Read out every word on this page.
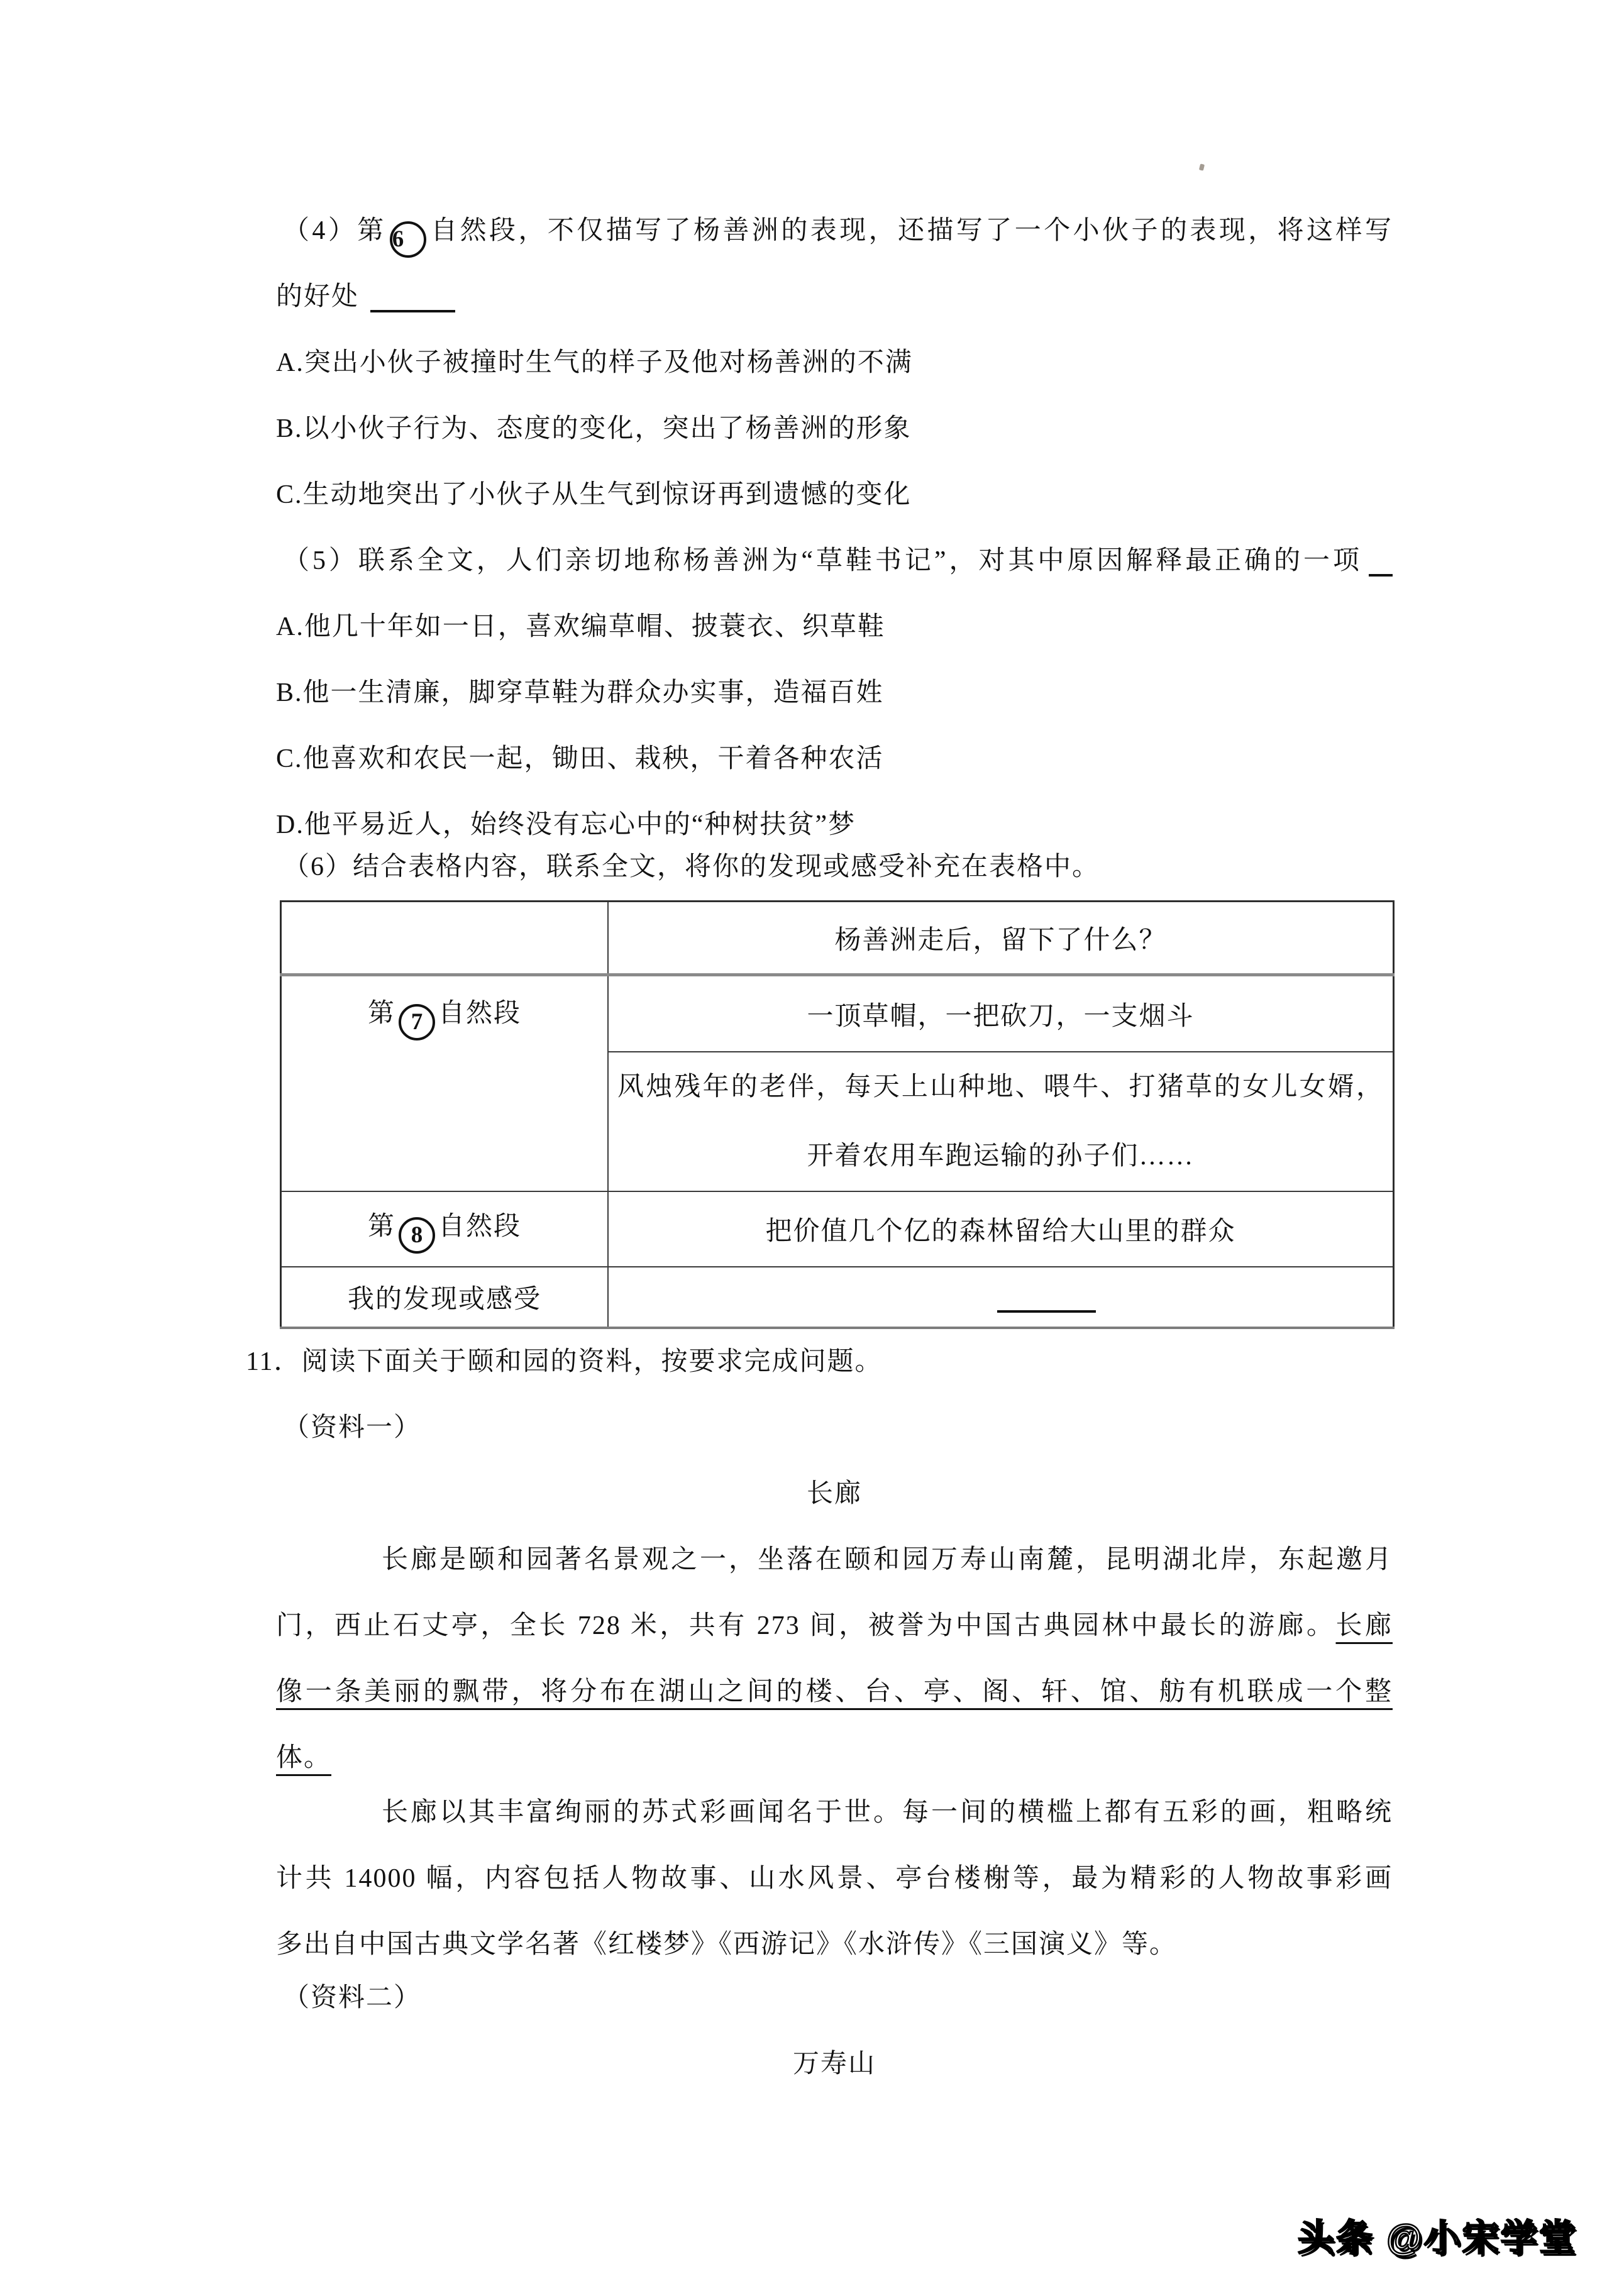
（4）第 6 自然段，不仅描写了杨善洲的表现，还描写了一个小伙子的表现，将这样写
的好处
A.突出小伙子被撞时生气的样子及他对杨善洲的不满
B.以小伙子行为、态度的变化，突出了杨善洲的形象
C.生动地突出了小伙子从生气到惊讶再到遗憾的变化
（5）联系全文，人们亲切地称杨善洲为“草鞋书记”，对其中原因解释最正确的一项
A.他几十年如一日，喜欢编草帽、披蓑衣、织草鞋
B.他一生清廉，脚穿草鞋为群众办实事，造福百姓
C.他喜欢和农民一起，锄田、栽秧，干着各种农活
D.他平易近人，始终没有忘心中的“种树扶贫”梦
（6）结合表格内容，联系全文，将你的发现或感受补充在表格中。
	杨善洲走后，留下了什么？

第 7 自然段	一顶草帽，一把砍刀，一支烟斗

	风烛残年的老伴，每天上山种地、喂牛、打猪草的女儿女婿，
开着农用车跑运输的孙子们……

第 8 自然段	把价值几个亿的森林留给大山里的群众
我的发现或感受	
11．阅读下面关于颐和园的资料，按要求完成问题。
（资料一）
长廊
长廊是颐和园著名景观之一，坐落在颐和园万寿山南麓，昆明湖北岸，东起邀月
门，西止石丈亭，全长 728 米，共有 273 间，被誉为中国古典园林中最长的游廊。长廊
像一条美丽的飘带，将分布在湖山之间的楼、台、亭、阁、轩、馆、舫有机联成一个整
体。
长廊以其丰富绚丽的苏式彩画闻名于世。每一间的横槛上都有五彩的画，粗略统
计共 14000 幅，内容包括人物故事、山水风景、亭台楼榭等，最为精彩的人物故事彩画
多出自中国古典文学名著《红楼梦》《西游记》《水浒传》《三国演义》等。
（资料二）
万寿山
头条 @小宋学堂
